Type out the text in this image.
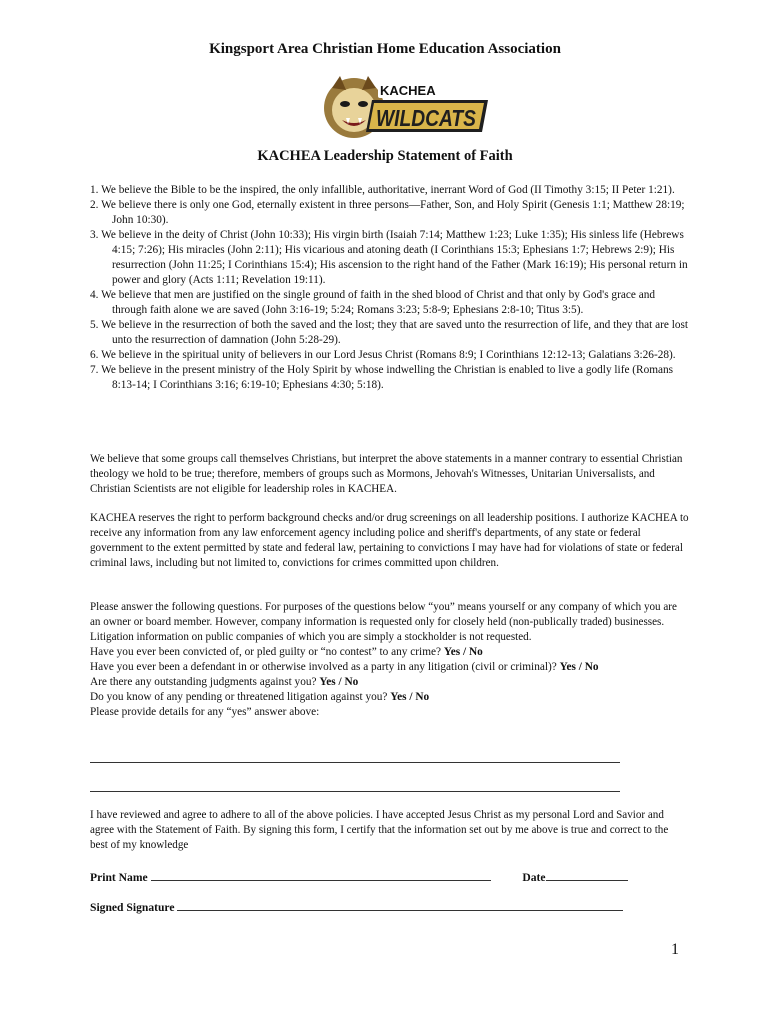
Kingsport Area Christian Home Education Association
KACHEA
WILDCATS
KACHEA Leadership Statement of Faith
1. We believe the Bible to be the inspired, the only infallible, authoritative, inerrant Word of God (II Timothy 3:15; II Peter 1:21).
2. We believe there is only one God, eternally existent in three persons—Father, Son, and Holy Spirit (Genesis 1:1; Matthew 28:19; John 10:30).
3. We believe in the deity of Christ (John 10:33); His virgin birth (Isaiah 7:14; Matthew 1:23; Luke 1:35); His sinless life (Hebrews 4:15; 7:26); His miracles (John 2:11); His vicarious and atoning death (I Corinthians 15:3; Ephesians 1:7; Hebrews 2:9); His resurrection (John 11:25; I Corinthians 15:4); His ascension to the right hand of the Father (Mark 16:19); His personal return in power and glory (Acts 1:11; Revelation 19:11).
4. We believe that men are justified on the single ground of faith in the shed blood of Christ and that only by God's grace and through faith alone we are saved (John 3:16-19; 5:24; Romans 3:23; 5:8-9; Ephesians 2:8-10; Titus 3:5).
5. We believe in the resurrection of both the saved and the lost; they that are saved unto the resurrection of life, and they that are lost unto the resurrection of damnation (John 5:28-29).
6. We believe in the spiritual unity of believers in our Lord Jesus Christ (Romans 8:9; I Corinthians 12:12-13; Galatians 3:26-28).
7. We believe in the present ministry of the Holy Spirit by whose indwelling the Christian is enabled to live a godly life (Romans 8:13-14; I Corinthians 3:16; 6:19-10; Ephesians 4:30; 5:18).
We believe that some groups call themselves Christians, but interpret the above statements in a manner contrary to essential Christian theology we hold to be true; therefore, members of groups such as Mormons, Jehovah's Witnesses, Unitarian Universalists, and Christian Scientists are not eligible for leadership roles in KACHEA.
KACHEA reserves the right to perform background checks and/or drug screenings on all leadership positions. I authorize KACHEA to receive any information from any law enforcement agency including police and sheriff's departments, of any state or federal government to the extent permitted by state and federal law, pertaining to convictions I may have had for violations of state or federal criminal laws, including but not limited to, convictions for crimes committed upon children.
Please answer the following questions. For purposes of the questions below “you” means yourself or any company of which you are an owner or board member. However, company information is requested only for closely held (non-publically traded) businesses. Litigation information on public companies of which you are simply a stockholder is not requested.
Have you ever been convicted of, or pled guilty or “no contest” to any crime? Yes / No
Have you ever been a defendant in or otherwise involved as a party in any litigation (civil or criminal)? Yes / No
Are there any outstanding judgments against you? Yes / No
Do you know of any pending or threatened litigation against you? Yes / No
Please provide details for any “yes” answer above:
I have reviewed and agree to adhere to all of the above policies. I have accepted Jesus Christ as my personal Lord and Savior and agree with the Statement of Faith. By signing this form, I certify that the information set out by me above is true and correct to the best of my knowledge
Print Name	Date
Signed Signature
1
